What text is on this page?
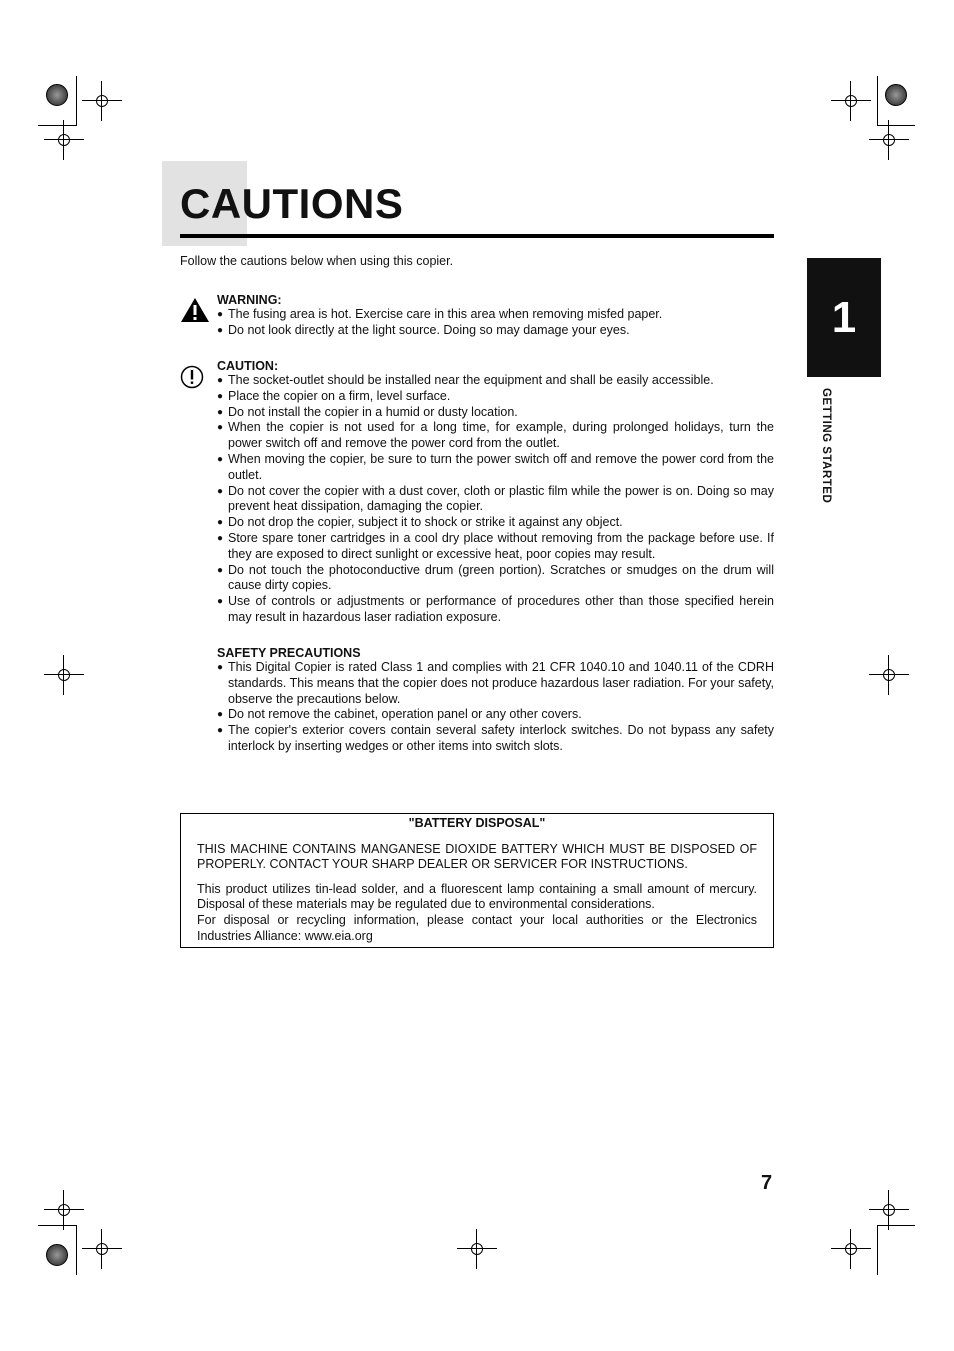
CAUTIONS
Follow the cautions below when using this copier.
1
GETTING STARTED
WARNING:
● The fusing area is hot. Exercise care in this area when removing misfed paper.
● Do not look directly at the light source. Doing so may damage your eyes.
CAUTION:
● The socket-outlet should be installed near the equipment and shall be easily accessible.
● Place the copier on a firm, level surface.
● Do not install the copier in a humid or dusty location.
● When the copier is not used for a long time, for example, during prolonged holidays, turn the power switch off and remove the power cord from the outlet.
● When moving the copier, be sure to turn the power switch off and remove the power cord from the outlet.
● Do not cover the copier with a dust cover, cloth or plastic film while the power is on. Doing so may prevent heat dissipation, damaging the copier.
● Do not drop the copier, subject it to shock or strike it against any object.
● Store spare toner cartridges in a cool dry place without removing from the package before use. If they are exposed to direct sunlight or excessive heat, poor copies may result.
● Do not touch the photoconductive drum (green portion). Scratches or smudges on the drum will cause dirty copies.
● Use of controls or adjustments or performance of procedures other than those specified herein may result in hazardous laser radiation exposure.
SAFETY PRECAUTIONS
● This Digital Copier is rated Class 1 and complies with 21 CFR 1040.10 and 1040.11 of the CDRH standards. This means that the copier does not produce hazardous laser radiation. For your safety, observe the precautions below.
● Do not remove the cabinet, operation panel or any other covers.
● The copier's exterior covers contain several safety interlock switches. Do not bypass any safety interlock by inserting wedges or other items into switch slots.
"BATTERY DISPOSAL"

THIS MACHINE CONTAINS MANGANESE DIOXIDE BATTERY WHICH MUST BE DISPOSED OF PROPERLY. CONTACT YOUR SHARP DEALER OR SERVICER FOR INSTRUCTIONS.

This product utilizes tin-lead solder, and a fluorescent lamp containing a small amount of mercury. Disposal of these materials may be regulated due to environmental considerations.

For disposal or recycling information, please contact your local authorities or the Electronics Industries Alliance: www.eia.org

7
